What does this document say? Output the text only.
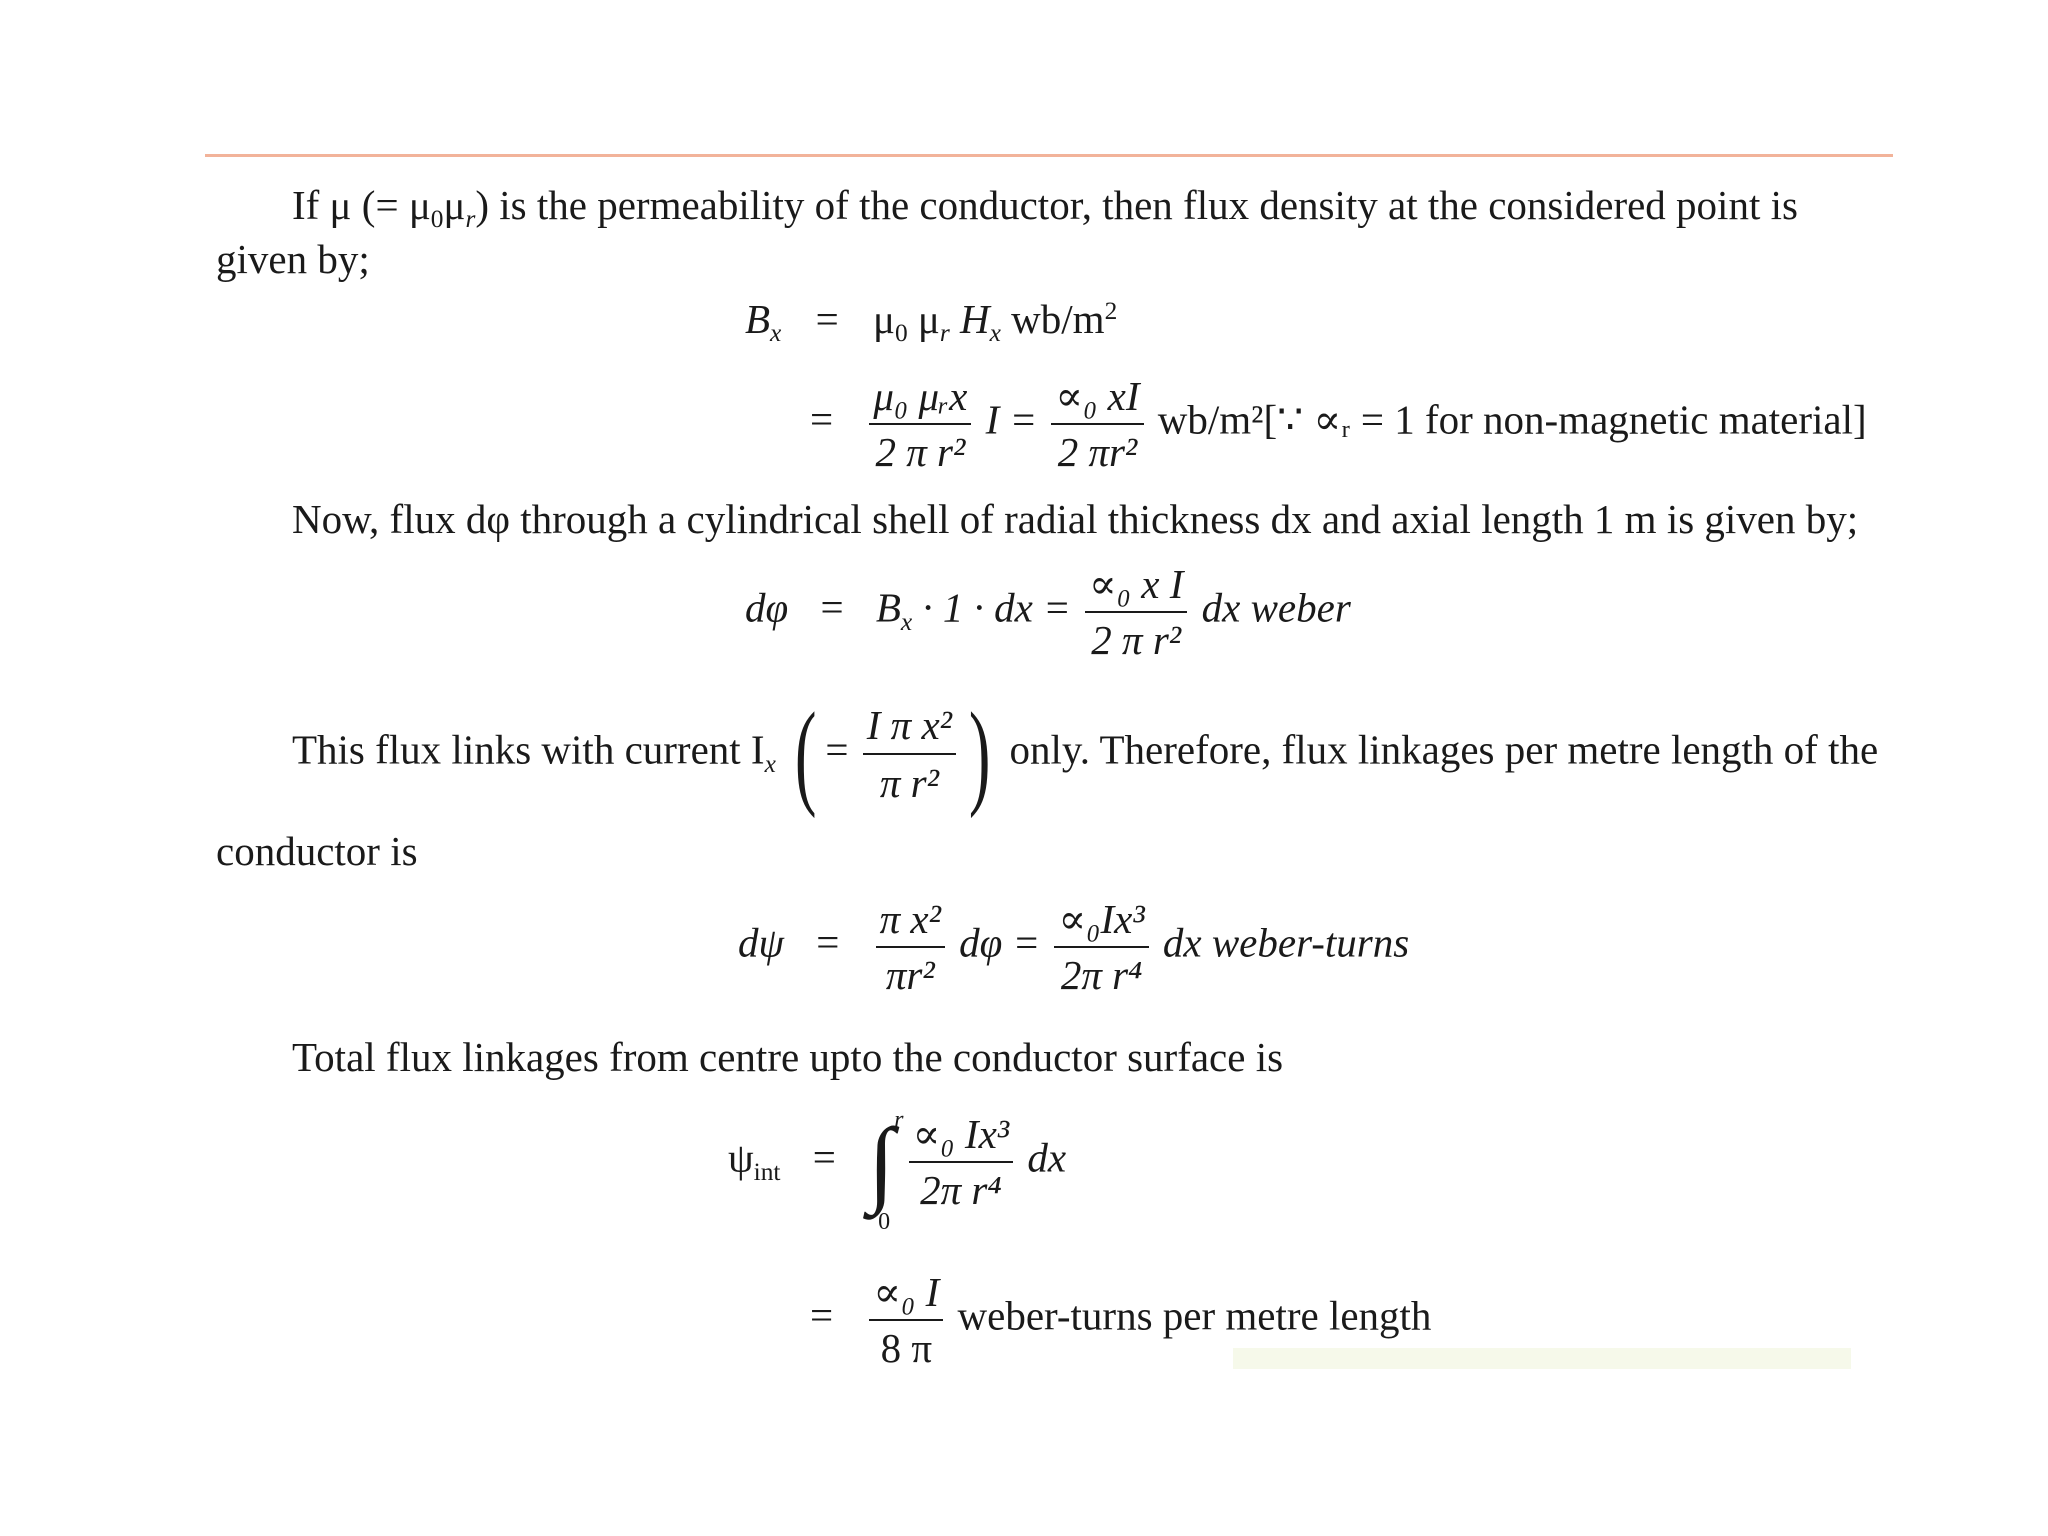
If μ (= $\mu_0\mu_r$) is the permeability of the conductor, then flux density at the considered point is
given by;
$B_x = \mu_0$ $\mu_r$ $H_x$ $wb/m^2$
= $\frac{\text{μ₀ μᵣx}}{\text{2 π r²}}$ $I = \frac{\text{∝₀ xI}}{\text{2 πr²}}$ wb/m²[∵ ∝ᵣ = 1 for non-magnetic material]
Now, flux dφ through a cylindrical shell of radial thickness dx and axial length 1 m is given by;
$d\varphi = B_x \cdot 1$ · dx = $\frac{\text{∝₀ x I}}{\text{2 π r²}}$ dx weber
This flux links with current $I_x$ ( = $\frac{\text{I π x²}}{\text{π r²}}$ ) only. Therefore, flux linkages per metre length of the
conductor is
$d\psi = \frac{\text{π x²}}{\text{πr²}}$ $d\varphi = \frac{\text{∝₀Ix³}}{\text{2π r⁴}}$ dx weber-turns
Total flux linkages from centre upto the conductor surface is
$\psi_{int}$ = ∫ r
0

$\frac{\text{∝₀ Ix³}}{\text{2π r⁴}}$ dx
= $\frac{\text{∝₀ I}}{8 \pi}$ weber-turns per metre length
